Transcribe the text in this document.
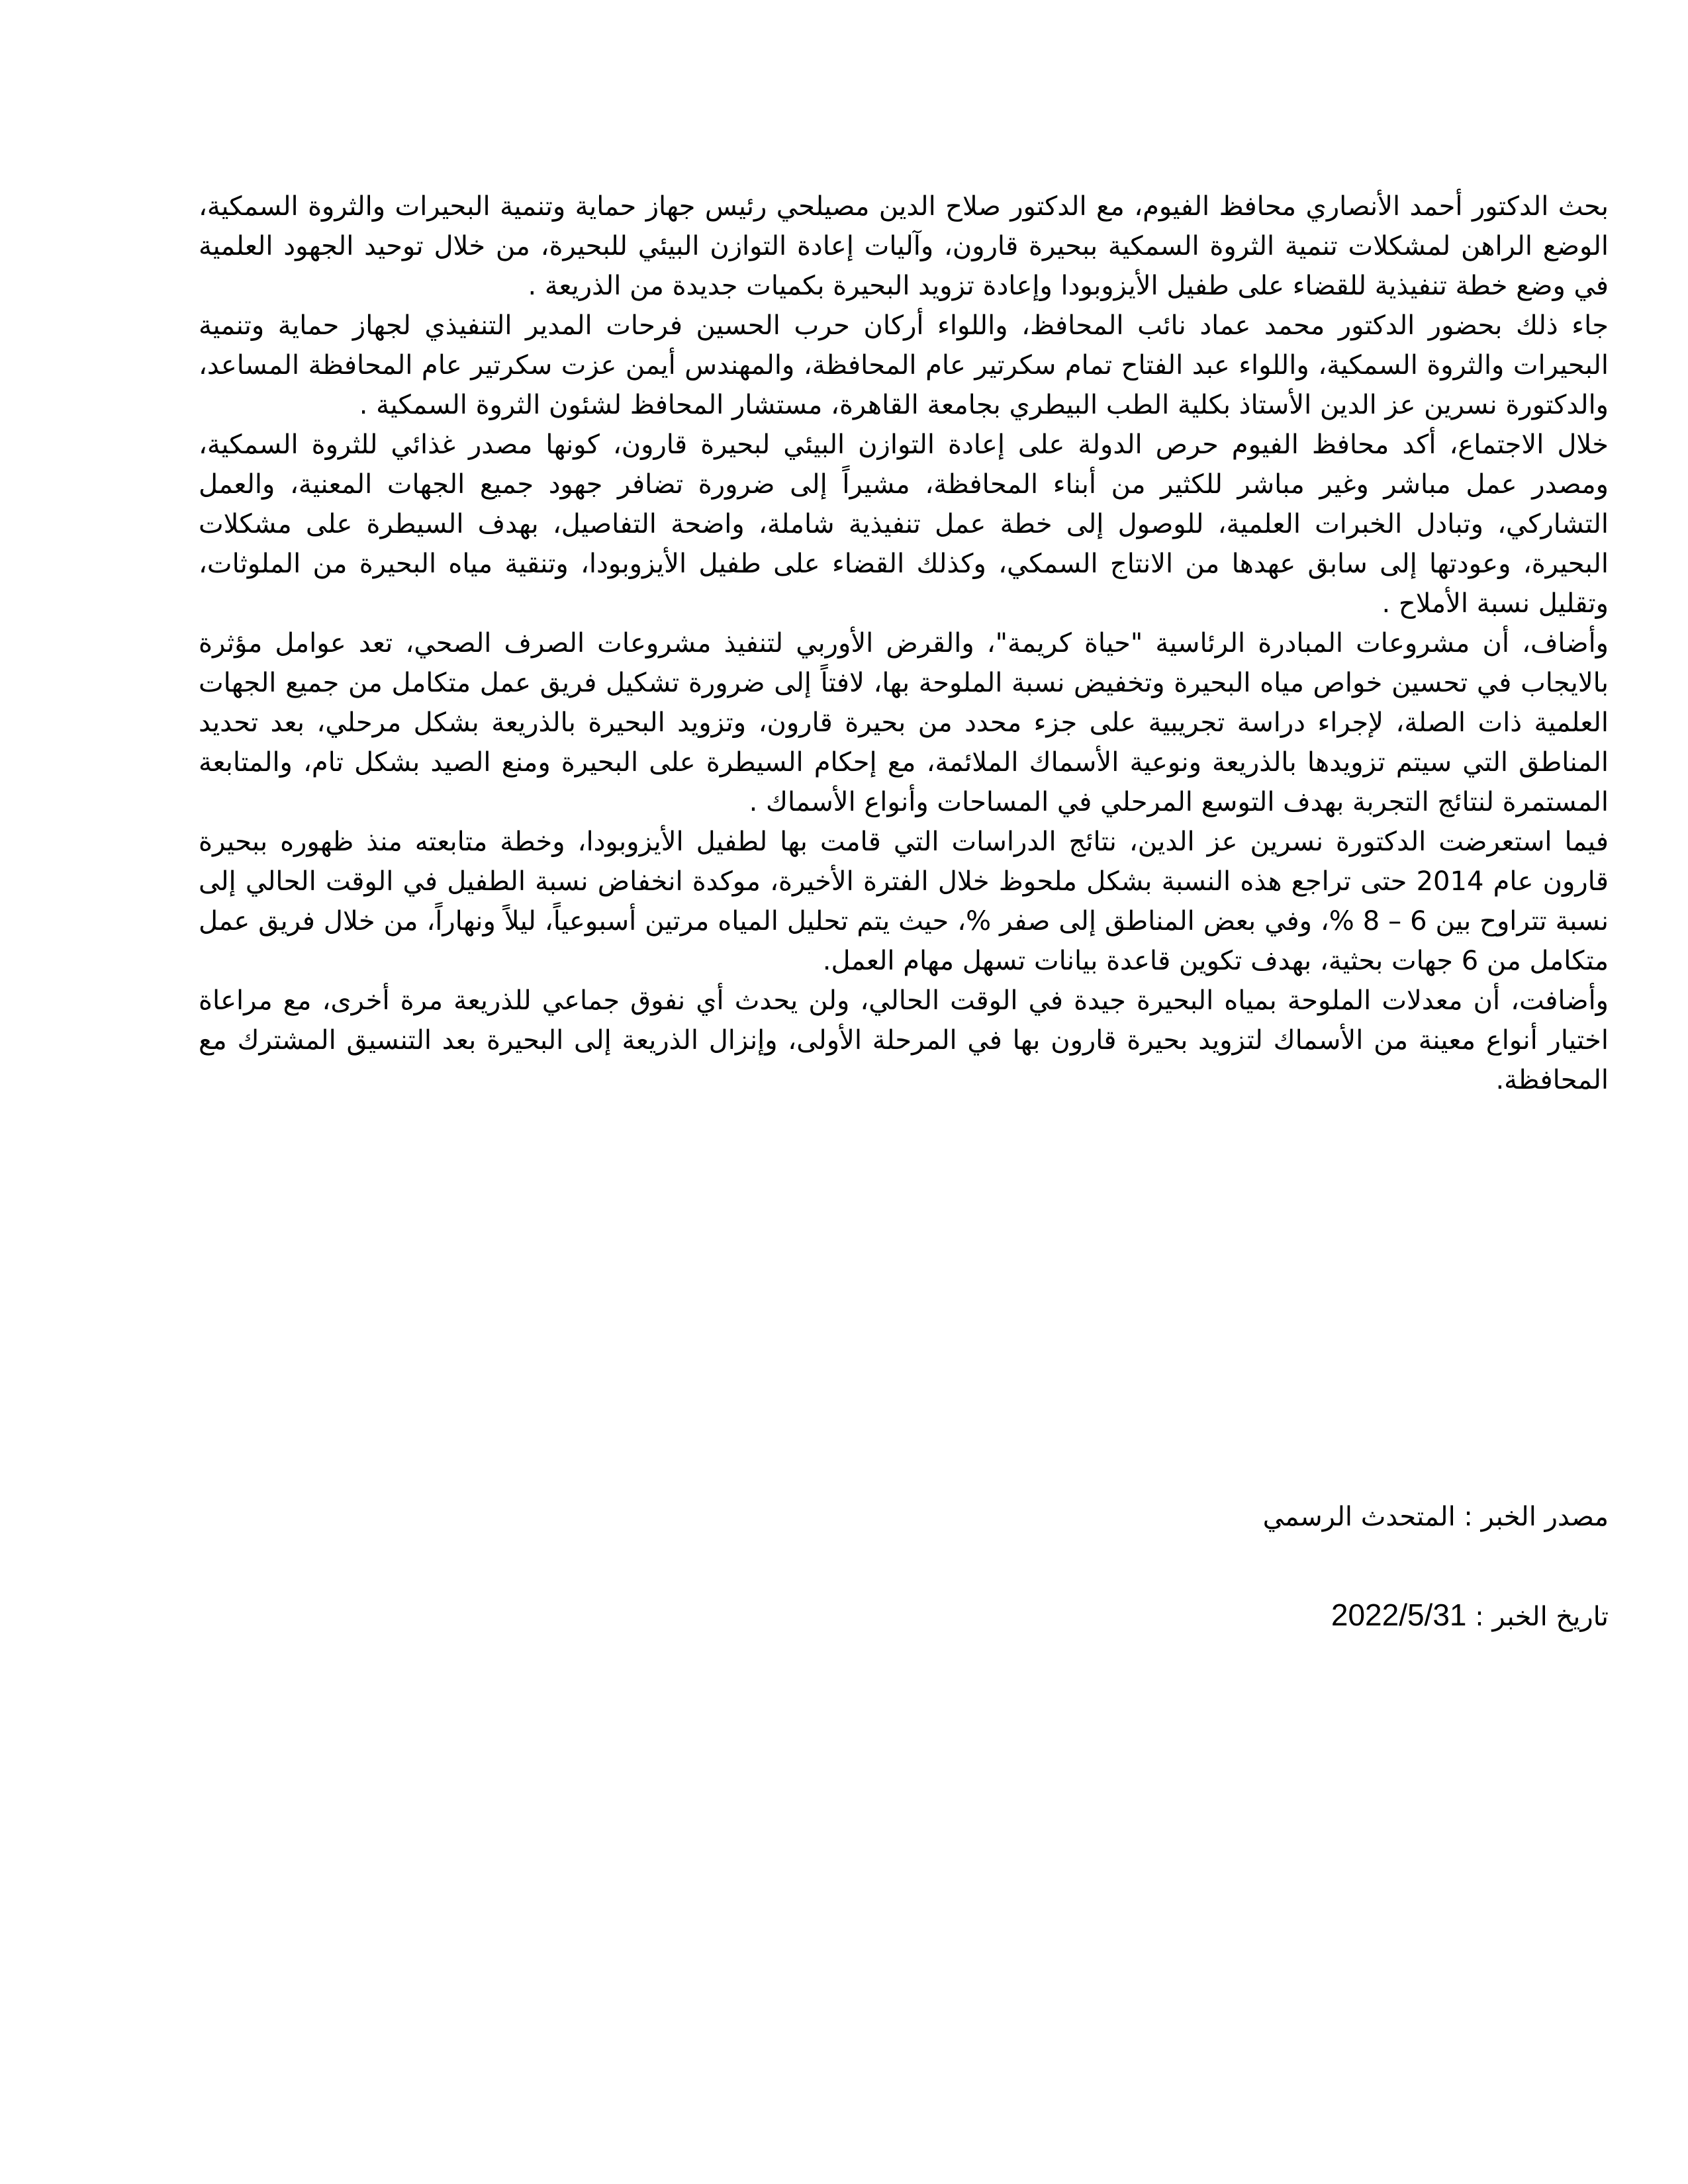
بحث الدكتور أحمد الأنصاري محافظ الفيوم، مع الدكتور صلاح الدين مصيلحي رئيس جهاز حماية وتنمية البحيرات والثروة السمكية، الوضع الراهن لمشكلات تنمية الثروة السمكية ببحيرة قارون، وآليات إعادة التوازن البيئي للبحيرة، من خلال توحيد الجهود العلمية في وضع خطة تنفيذية للقضاء على طفيل الأيزوبودا وإعادة تزويد البحيرة بكميات جديدة من الذريعة .

جاء ذلك بحضور الدكتور محمد عماد نائب المحافظ، واللواء أركان حرب الحسين فرحات المدير التنفيذي لجهاز حماية وتنمية البحيرات والثروة السمكية، واللواء عبد الفتاح تمام سكرتير عام المحافظة، والمهندس أيمن عزت سكرتير عام المحافظة المساعد، والدكتورة نسرين عز الدين الأستاذ بكلية الطب البيطري بجامعة القاهرة، مستشار المحافظ لشئون الثروة السمكية .

خلال الاجتماع، أكد محافظ الفيوم حرص الدولة على إعادة التوازن البيئي لبحيرة قارون، كونها مصدر غذائي للثروة السمكية، ومصدر عمل مباشر وغير مباشر للكثير من أبناء المحافظة، مشيراً إلى ضرورة تضافر جهود جميع الجهات المعنية، والعمل التشاركي، وتبادل الخبرات العلمية، للوصول إلى خطة عمل تنفيذية شاملة، واضحة التفاصيل، بهدف السيطرة على مشكلات البحيرة، وعودتها إلى سابق عهدها من الانتاج السمكي، وكذلك القضاء على طفيل الأيزوبودا، وتنقية مياه البحيرة من الملوثات، وتقليل نسبة الأملاح .

وأضاف، أن مشروعات المبادرة الرئاسية "حياة كريمة"، والقرض الأوربي لتنفيذ مشروعات الصرف الصحي، تعد عوامل مؤثرة بالايجاب في تحسين خواص مياه البحيرة وتخفيض نسبة الملوحة بها، لافتاً إلى ضرورة تشكيل فريق عمل متكامل من جميع الجهات العلمية ذات الصلة، لإجراء دراسة تجريبية على جزء محدد من بحيرة قارون، وتزويد البحيرة بالذريعة بشكل مرحلي، بعد تحديد المناطق التي سيتم تزويدها بالذريعة ونوعية الأسماك الملائمة، مع إحكام السيطرة على البحيرة ومنع الصيد بشكل تام، والمتابعة المستمرة لنتائج التجربة بهدف التوسع المرحلي في المساحات وأنواع الأسماك .

فيما استعرضت الدكتورة نسرين عز الدين، نتائج الدراسات التي قامت بها لطفيل الأيزوبودا، وخطة متابعته منذ ظهوره ببحيرة قارون عام 2014 حتى تراجع هذه النسبة بشكل ملحوظ خلال الفترة الأخيرة، موكدة انخفاض نسبة الطفيل في الوقت الحالي إلى نسبة تتراوح بين 6 – 8 %، وفي بعض المناطق إلى صفر %، حيث يتم تحليل المياه مرتين أسبوعياً، ليلاً ونهاراً، من خلال فريق عمل متكامل من 6 جهات بحثية، بهدف تكوين قاعدة بيانات تسهل مهام العمل.

وأضافت، أن معدلات الملوحة بمياه البحيرة جيدة في الوقت الحالي، ولن يحدث أي نفوق جماعي للذريعة مرة أخرى، مع مراعاة اختيار أنواع معينة من الأسماك لتزويد بحيرة قارون بها في المرحلة الأولى، وإنزال الذريعة إلى البحيرة بعد التنسيق المشترك مع المحافظة.

مصدر الخبر : المتحدث الرسمي

تاريخ الخبر : 2022/5/31
